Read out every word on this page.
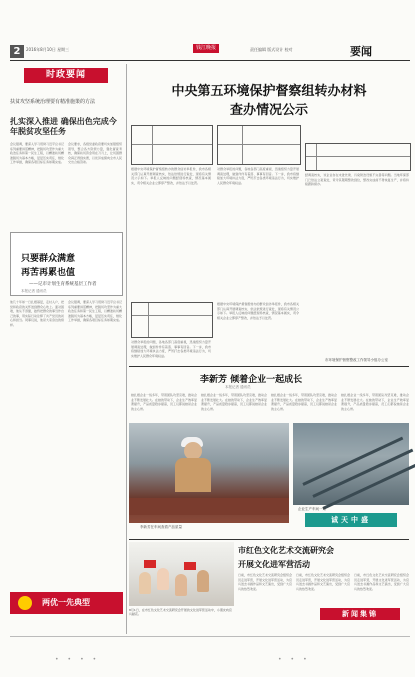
2	2016年8月10日 星期三	钱江晚报	责任编辑 版式设计 校对	要闻
时政要闻
扶贫攻坚系统治理要有精准施策的方法
扎实深入推进 确保出色完成今年脱贫攻坚任务
会议强调，要深入学习贯彻习近平总书记系列重要讲话精神，把脱贫攻坚作为重大政治任务和第一民生工程，以精准扶贫精准脱贫为基本方略，层层压实责任，细化工作举措，确保各项目标任务如期完成。
会议要求，各级党委政府要切实加强组织领导，整合各方资源力量，强化督查考核，确保扶贫资金用在刀刃上，让贫困群众真正得到实惠，以优异成绩向全市人民交出合格答卷。
只要群众满意
再苦再累也值
——记市计划生育系统基层工作者
本报记者 通讯员
他几十年如一日扎根基层，走村入户，把党和政府的关怀送到群众心坎上。面对困难，他从不退缩，始终把群众的事当作自己的事，用实际行动诠释了共产党员的初心和担当。同事们说，他是大家身边的榜样。
会议强调，要深入学习贯彻习近平总书记系列重要讲话精神，把脱贫攻坚作为重大政治任务和第一民生工程，以精准扶贫精准脱贫为基本方略，层层压实责任，细化工作举措，确保各项目标任务如期完成。
两优一先典型
中央第五环境保护督察组转办材料
查办情况公示
根据中央环境保护督察组转办的群众信访举报件，我市各相关部门认真开展调查核实，依法依规进行查处，现将有关情况公示如下。举报人反映的问题经现场核查，情况基本属实，责令相关企业立即停产整改，并依法予以处罚。
对群众举报的问题，各地各部门高度重视，迅速组织力量开展调查处理，做到件件有着落、事事有回音。下一步，我市将继续加大环境执法力度，严厉打击各类环境违法行为，切实维护人民群众环境权益。
经调查核实，该企业存在未批先建、污染防治设施不完善等问题。当地环保部门已依法立案查处，责令其限期整改到位，整改完成前不得恢复生产，并将持续跟踪督办。
对群众举报的问题，各地各部门高度重视，迅速组织力量开展调查处理，做到件件有着落、事事有回音。下一步，我市将继续加大环境执法力度，严厉打击各类环境违法行为，切实维护人民群众环境权益。
根据中央环境保护督察组转办的群众信访举报件，我市各相关部门认真开展调查核实，依法依规进行查处，现将有关情况公示如下。举报人反映的问题经现场核查，情况基本属实，责令相关企业立即停产整改，并依法予以处罚。
市环境保护督察整改工作领导小组办公室
李新芳 倾着企业一起成长
本报记者 通讯员
她扎根企业一线多年，带领团队攻坚克难，推动企业不断发展壮大。在她的带动下，企业生产效率显著提升，产品质量稳步提高，员工们都说她是企业的主心骨。
她扎根企业一线多年，带领团队攻坚克难，推动企业不断发展壮大。在她的带动下，企业生产效率显著提升，产品质量稳步提高，员工们都说她是企业的主心骨。
她扎根企业一线多年，带领团队攻坚克难，推动企业不断发展壮大。在她的带动下，企业生产效率显著提升，产品质量稳步提高，员工们都说她是企业的主心骨。
她扎根企业一线多年，带领团队攻坚克难，推动企业不断发展壮大。在她的带动下，企业生产效率显著提升，产品质量稳步提高，员工们都说她是企业的主心骨。
李新芳在车间查看产品质量
企业生产车间一角
诚天中盛
8月1日，在市红色文化艺术交流研究会开展的文化进军营活动中，小朋友向官兵献花。
市红色文化艺术交流研究会
开展文化进军营活动
日前，市红色文化艺术交流研究会组织会员走进军营，开展文化进军营活动，为官兵送去书画作品和文艺演出，受到广大官兵的热烈欢迎。
日前，市红色文化艺术交流研究会组织会员走进军营，开展文化进军营活动，为官兵送去书画作品和文艺演出，受到广大官兵的热烈欢迎。
日前，市红色文化艺术交流研究会组织会员走进军营，开展文化进军营活动，为官兵送去书画作品和文艺演出，受到广大官兵的热烈欢迎。
新闻集锦
••••	•••
